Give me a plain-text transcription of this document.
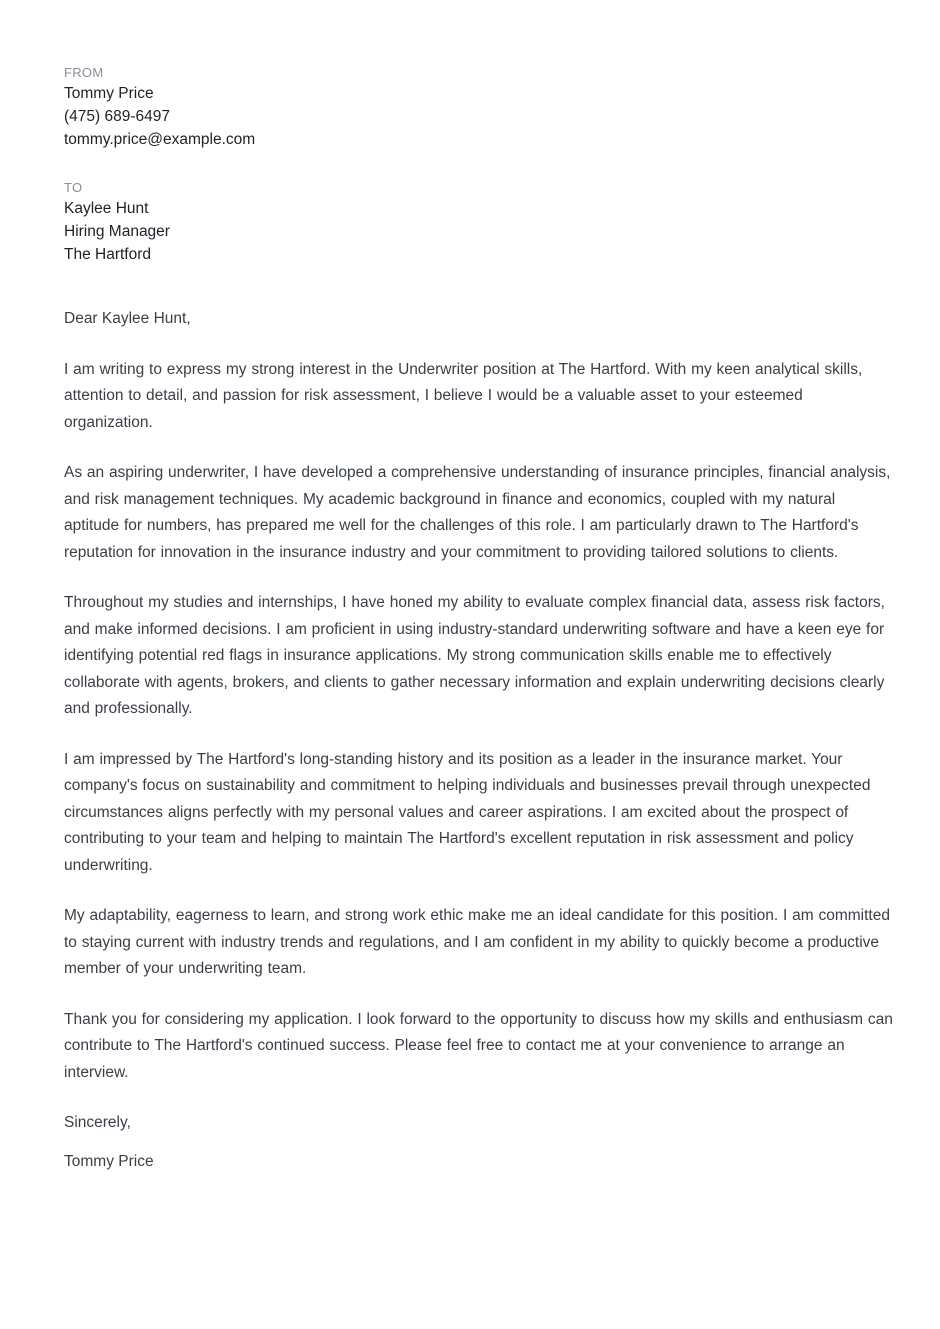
FROM
Tommy Price
(475) 689-6497
tommy.price@example.com
TO
Kaylee Hunt
Hiring Manager
The Hartford
Dear Kaylee Hunt,
I am writing to express my strong interest in the Underwriter position at The Hartford. With my keen analytical skills, attention to detail, and passion for risk assessment, I believe I would be a valuable asset to your esteemed organization.
As an aspiring underwriter, I have developed a comprehensive understanding of insurance principles, financial analysis, and risk management techniques. My academic background in finance and economics, coupled with my natural aptitude for numbers, has prepared me well for the challenges of this role. I am particularly drawn to The Hartford's reputation for innovation in the insurance industry and your commitment to providing tailored solutions to clients.
Throughout my studies and internships, I have honed my ability to evaluate complex financial data, assess risk factors, and make informed decisions. I am proficient in using industry-standard underwriting software and have a keen eye for identifying potential red flags in insurance applications. My strong communication skills enable me to effectively collaborate with agents, brokers, and clients to gather necessary information and explain underwriting decisions clearly and professionally.
I am impressed by The Hartford's long-standing history and its position as a leader in the insurance market. Your company's focus on sustainability and commitment to helping individuals and businesses prevail through unexpected circumstances aligns perfectly with my personal values and career aspirations. I am excited about the prospect of contributing to your team and helping to maintain The Hartford's excellent reputation in risk assessment and policy underwriting.
My adaptability, eagerness to learn, and strong work ethic make me an ideal candidate for this position. I am committed to staying current with industry trends and regulations, and I am confident in my ability to quickly become a productive member of your underwriting team.
Thank you for considering my application. I look forward to the opportunity to discuss how my skills and enthusiasm can contribute to The Hartford's continued success. Please feel free to contact me at your convenience to arrange an interview.
Sincerely,
Tommy Price
